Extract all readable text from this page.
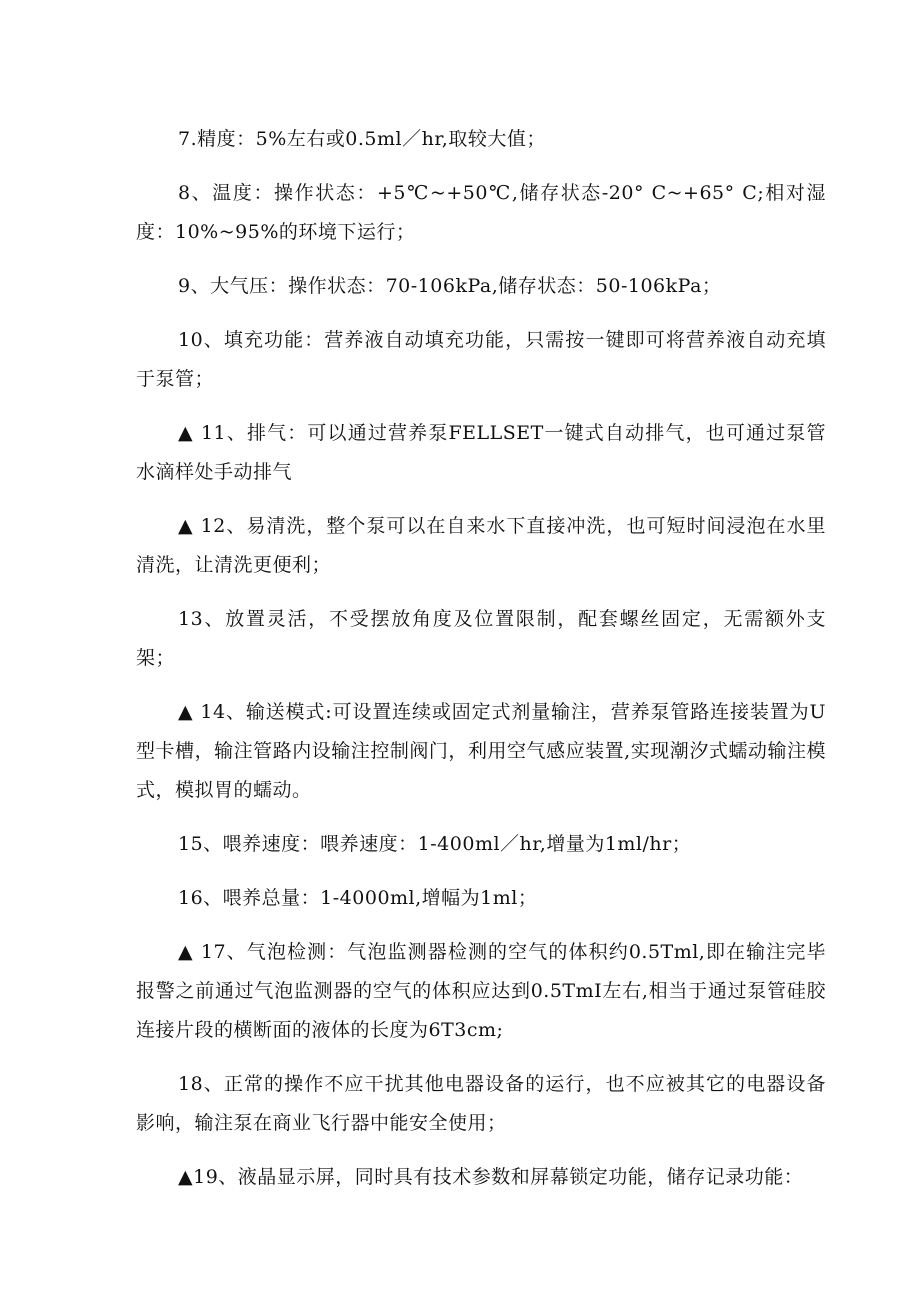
7.精度：5%左右或0.5ml／hr,取较大值；

8、温度：操作状态：+5℃~+50℃,储存状态-20° C~+65° C;相对湿度：10%~95%的环境下运行；

9、大气压：操作状态：70-106kPa,储存状态：50-106kPa；

10、填充功能：营养液自动填充功能，只需按一键即可将营养液自动充填于泵管；

▲ 11、排气：可以通过营养泵FELLSET一键式自动排气，也可通过泵管水滴样处手动排气

▲ 12、易清洗，整个泵可以在自来水下直接冲洗，也可短时间浸泡在水里清洗，让清洗更便利；

13、放置灵活，不受摆放角度及位置限制，配套螺丝固定，无需额外支架；

▲ 14、输送模式:可设置连续或固定式剂量输注，营养泵管路连接装置为U型卡槽，输注管路内设输注控制阀门，利用空气感应装置,实现潮汐式蠕动输注模式，模拟胃的蠕动。

15、喂养速度：喂养速度：1-400ml／hr,增量为1ml/hr；

16、喂养总量：1-4000ml,增幅为1ml；

▲ 17、气泡检测：气泡监测器检测的空气的体积约0.5Tml,即在输注完毕报警之前通过气泡监测器的空气的体积应达到0.5TmI左右,相当于通过泵管硅胶连接片段的横断面的液体的长度为6T3cm;

18、正常的操作不应干扰其他电器设备的运行，也不应被其它的电器设备影响，输注泵在商业飞行器中能安全使用；

▲19、液晶显示屏，同时具有技术参数和屏幕锁定功能，储存记录功能：
